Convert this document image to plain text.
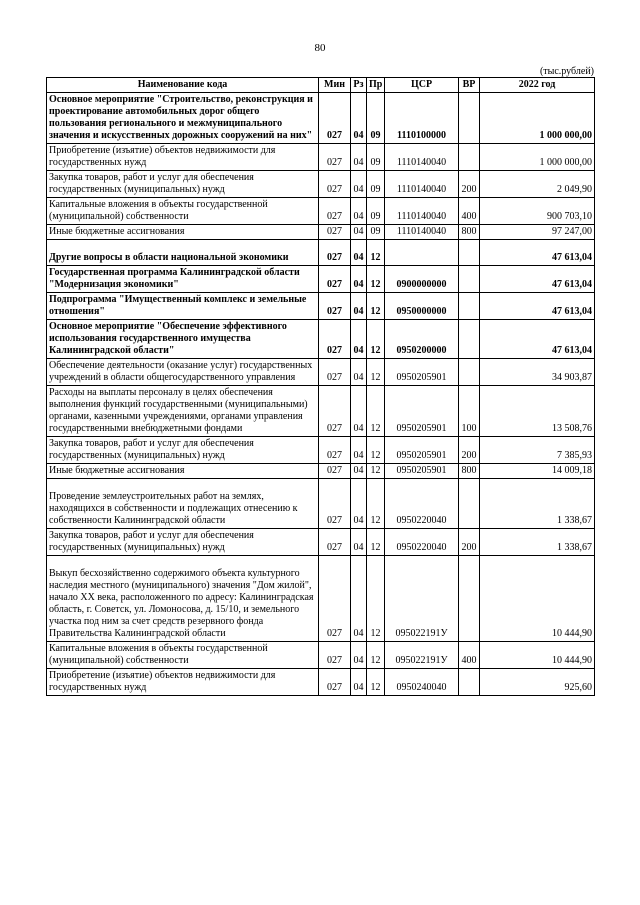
80
(тыс.рублей)
Наименование кода	Мин	Рз	Пр	ЦСР	ВР	2022 год
Основное мероприятие "Строительство, реконструкция и проектирование автомобильных дорог общего пользования регионального и межмуниципального значения и искусственных дорожных сооружений на них"	027	04	09	1110100000		1 000 000,00
Приобретение (изъятие) объектов недвижимости для государственных нужд	027	04	09	1110140040		1 000 000,00
Закупка товаров, работ и услуг для обеспечения государственных (муниципальных) нужд	027	04	09	1110140040	200	2 049,90
Капитальные вложения в объекты государственной (муниципальной) собственности	027	04	09	1110140040	400	900 703,10
Иные бюджетные ассигнования	027	04	09	1110140040	800	97 247,00
Другие вопросы в области национальной экономики	027	04	12			47 613,04
Государственная программа Калининградской области "Модернизация экономики"	027	04	12	0900000000		47 613,04
Подпрограмма "Имущественный комплекс и земельные отношения"	027	04	12	0950000000		47 613,04
Основное мероприятие "Обеспечение эффективного использования государственного имущества Калининградской области"	027	04	12	0950200000		47 613,04
Обеспечение деятельности (оказание услуг) государственных учреждений в области общегосударственного управления	027	04	12	0950205901		34 903,87
Расходы на выплаты персоналу в целях обеспечения выполнения функций государственными (муниципальными) органами, казенными учреждениями, органами управления государственными внебюджетными фондами	027	04	12	0950205901	100	13 508,76
Закупка товаров, работ и услуг для обеспечения государственных (муниципальных) нужд	027	04	12	0950205901	200	7 385,93
Иные бюджетные ассигнования	027	04	12	0950205901	800	14 009,18
Проведение землеустроительных работ на землях, находящихся в собственности и подлежащих отнесению к собственности Калининградской области	027	04	12	0950220040		1 338,67
Закупка товаров, работ и услуг для обеспечения государственных (муниципальных) нужд	027	04	12	0950220040	200	1 338,67
Выкуп бесхозяйственно содержимого объекта культурного наследия местного (муниципального) значения "Дом жилой", начало XX века, расположенного по адресу: Калининградская область, г. Советск, ул. Ломоносова, д. 15/10, и земельного участка под ним за счет средств резервного фонда Правительства Калининградской области	027	04	12	095022191У		10 444,90
Капитальные вложения в объекты государственной (муниципальной) собственности	027	04	12	095022191У	400	10 444,90
Приобретение (изъятие) объектов недвижимости для государственных нужд	027	04	12	0950240040		925,60
